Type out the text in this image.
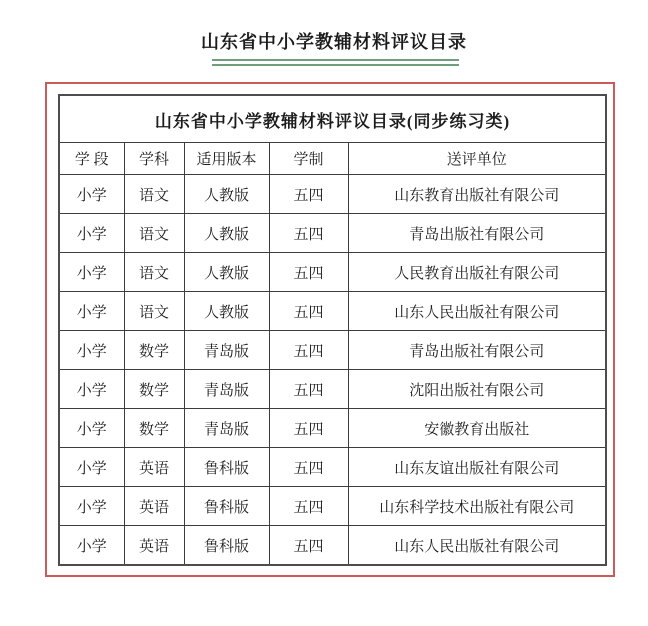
山东省中小学教辅材料评议目录
山东省中小学教辅材料评议目录(同步练习类)				
学 段	学科	适用版本	学制	送评单位
小学	语文	人教版	五四	山东教育出版社有限公司
小学	语文	人教版	五四	青岛出版社有限公司
小学	语文	人教版	五四	人民教育出版社有限公司
小学	语文	人教版	五四	山东人民出版社有限公司
小学	数学	青岛版	五四	青岛出版社有限公司
小学	数学	青岛版	五四	沈阳出版社有限公司
小学	数学	青岛版	五四	安徽教育出版社
小学	英语	鲁科版	五四	山东友谊出版社有限公司
小学	英语	鲁科版	五四	山东科学技术出版社有限公司
小学	英语	鲁科版	五四	山东人民出版社有限公司
